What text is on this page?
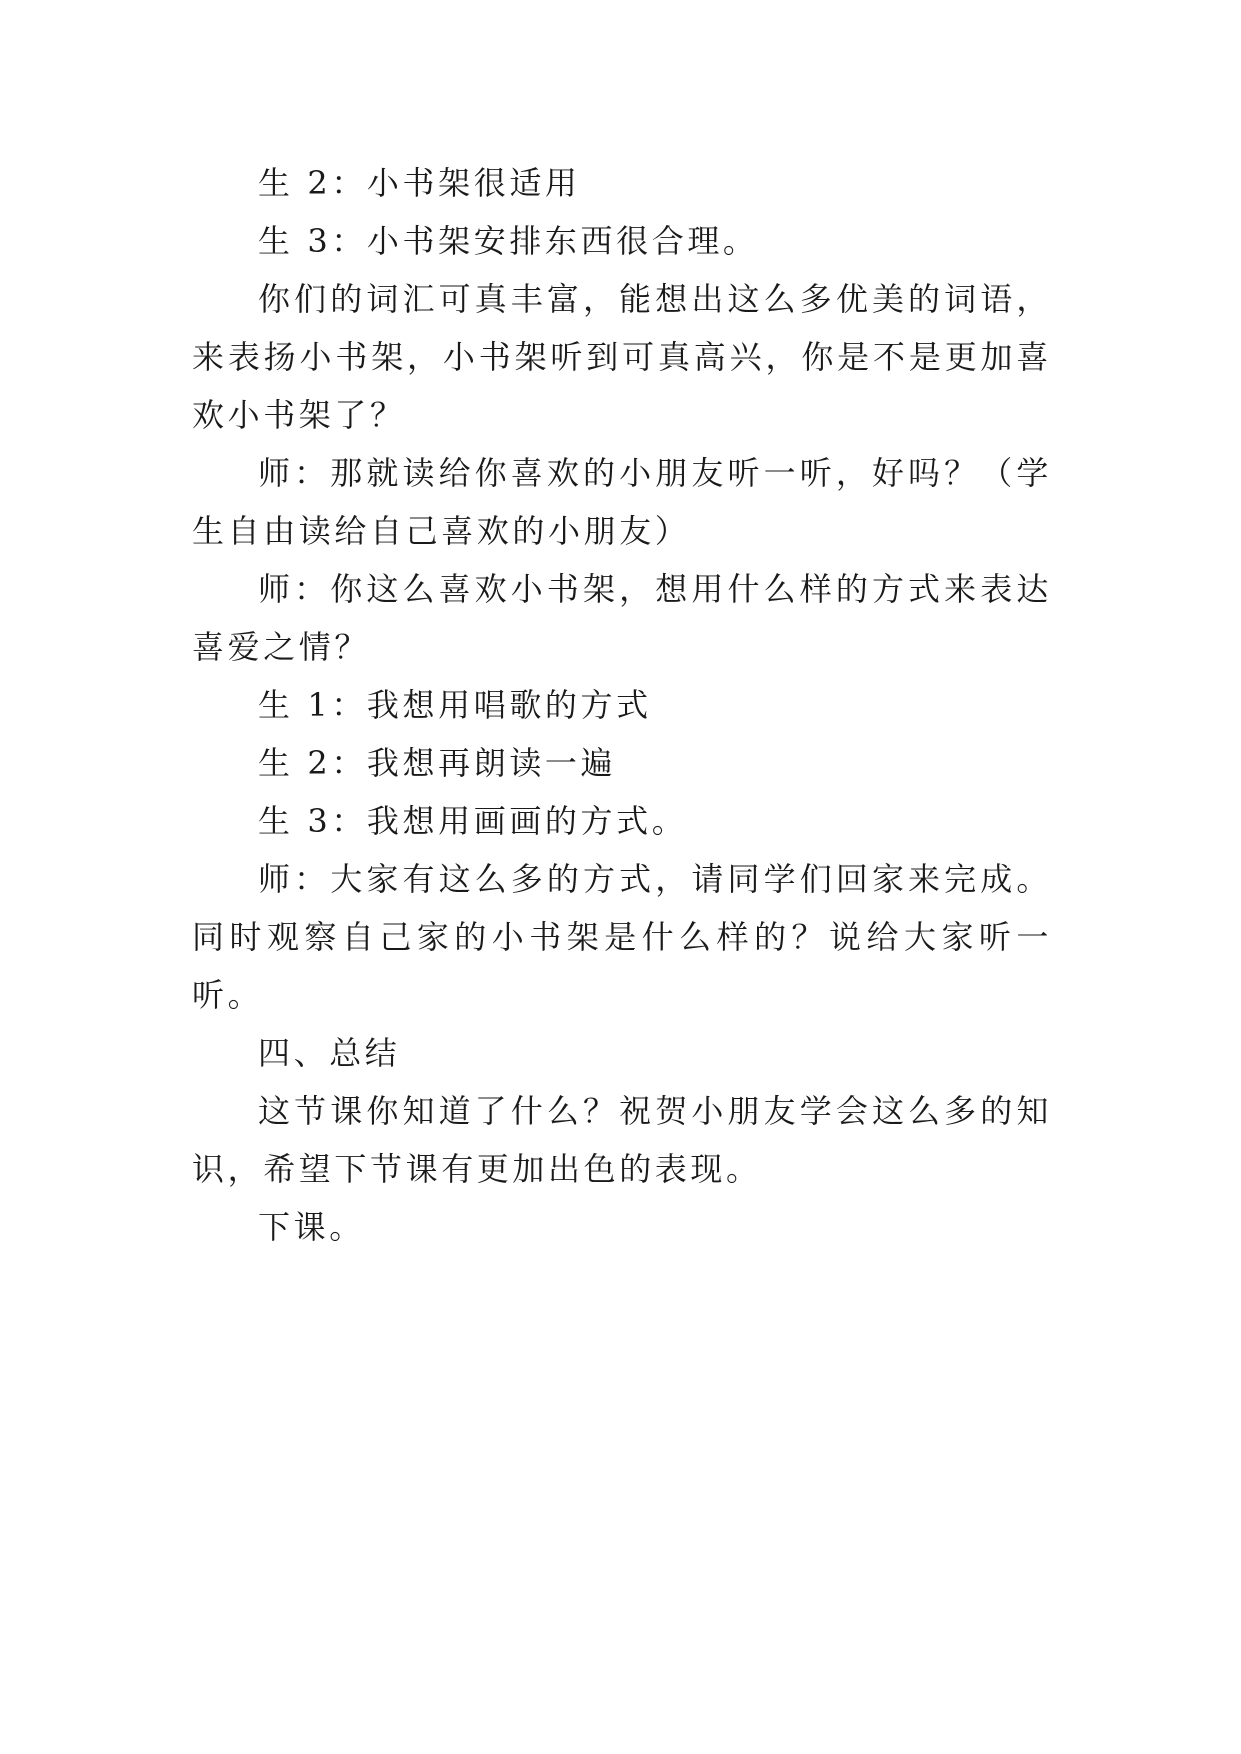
生 2：小书架很适用

生 3：小书架安排东西很合理。

你们的词汇可真丰富，能想出这么多优美的词语，来表扬小书架，小书架听到可真高兴，你是不是更加喜欢小书架了？

师：那就读给你喜欢的小朋友听一听，好吗？（学生自由读给自己喜欢的小朋友）

师：你这么喜欢小书架，想用什么样的方式来表达喜爱之情？

生 1：我想用唱歌的方式

生 2：我想再朗读一遍

生 3：我想用画画的方式。

师：大家有这么多的方式，请同学们回家来完成。同时观察自己家的小书架是什么样的？说给大家听一听。

四、总结

这节课你知道了什么？祝贺小朋友学会这么多的知识，希望下节课有更加出色的表现。

下课。
